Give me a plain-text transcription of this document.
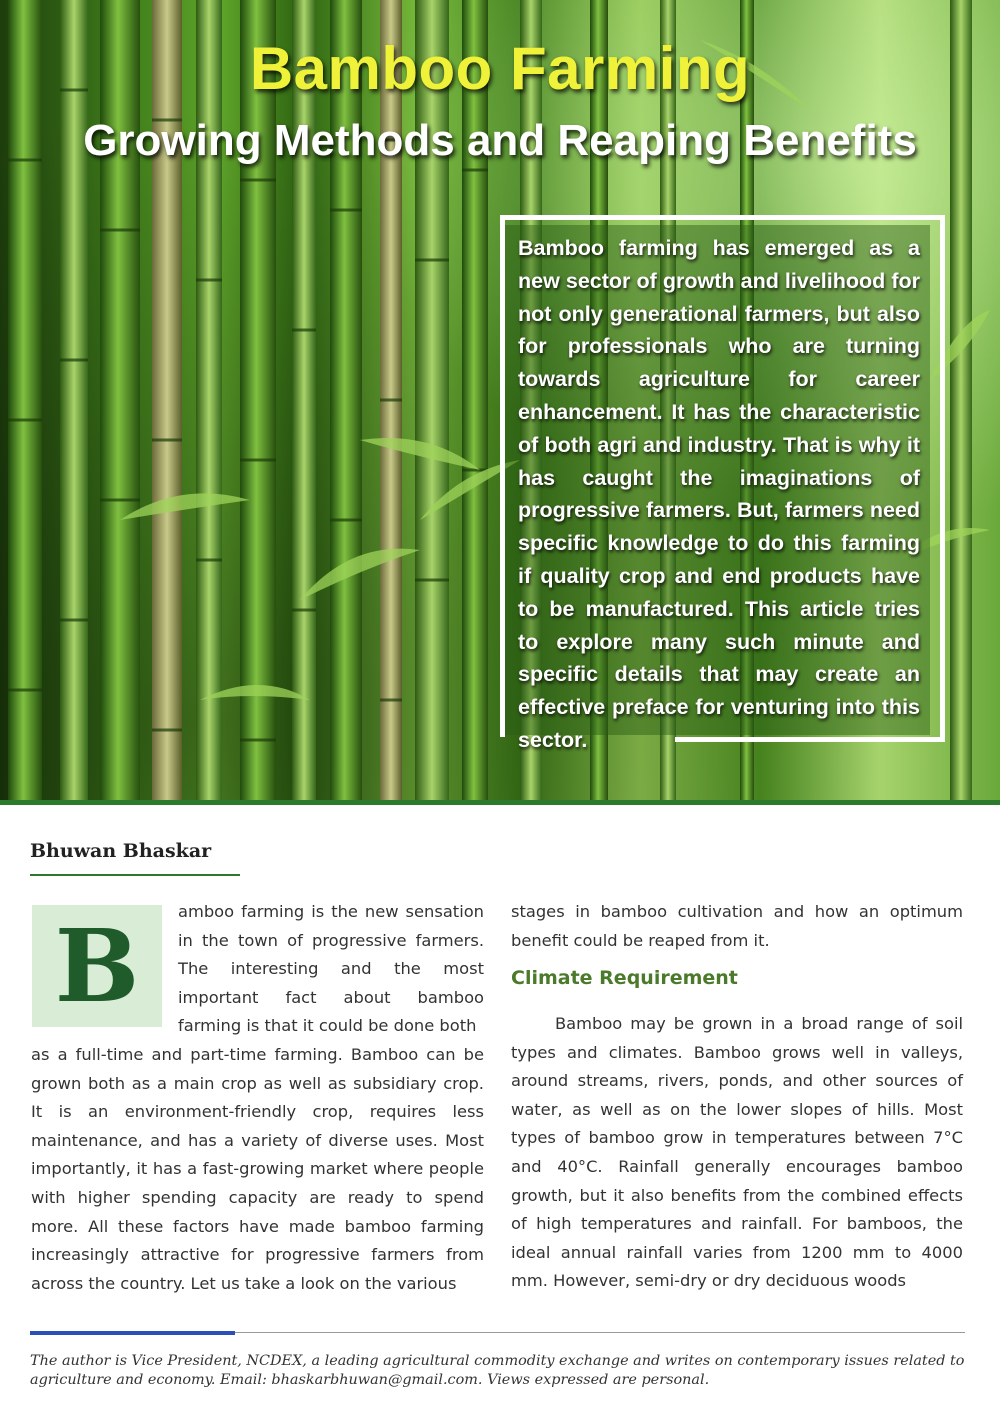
Bamboo Farming
Growing Methods and Reaping Benefits
Bamboo farming has emerged as a new sector of growth and livelihood for not only generational farmers, but also for professionals who are turning towards agriculture for career enhancement. It has the characteristic of both agri and industry. That is why it has caught the imaginations of progressive farmers. But, farmers need specific knowledge to do this farming if quality crop and end products have to be manufactured. This article tries to explore many such minute and specific details that may create an effective preface for venturing into this sector.
Bhuwan Bhaskar
B	amboo farming is the new sensation in the town of progressive farmers. The interesting and the most important fact about bamboo farming is that it could be done both

as a full-time and part-time farming. Bamboo can be grown both as a main crop as well as subsidiary crop. It is an environment-friendly crop, requires less maintenance, and has a variety of diverse uses. Most importantly, it has a fast-growing market where people with higher spending capacity are ready to spend more. All these factors have made bamboo farming increasingly attractive for progressive farmers from across the country. Let us take a look on the various

stages in bamboo cultivation and how an optimum benefit could be reaped from it.

Climate Requirement

Bamboo may be grown in a broad range of soil types and climates. Bamboo grows well in valleys, around streams, rivers, ponds, and other sources of water, as well as on the lower slopes of hills. Most types of bamboo grow in temperatures between 7°C and 40°C. Rainfall generally encourages bamboo growth, but it also benefits from the combined effects of high temperatures and rainfall. For bamboos, the ideal annual rainfall varies from 1200 mm to 4000 mm. However, semi-dry or dry deciduous woods

The author is Vice President, NCDEX, a leading agricultural commodity exchange and writes on contemporary issues related to agriculture and economy. Email: bhaskarbhuwan@gmail.com. Views expressed are personal.
